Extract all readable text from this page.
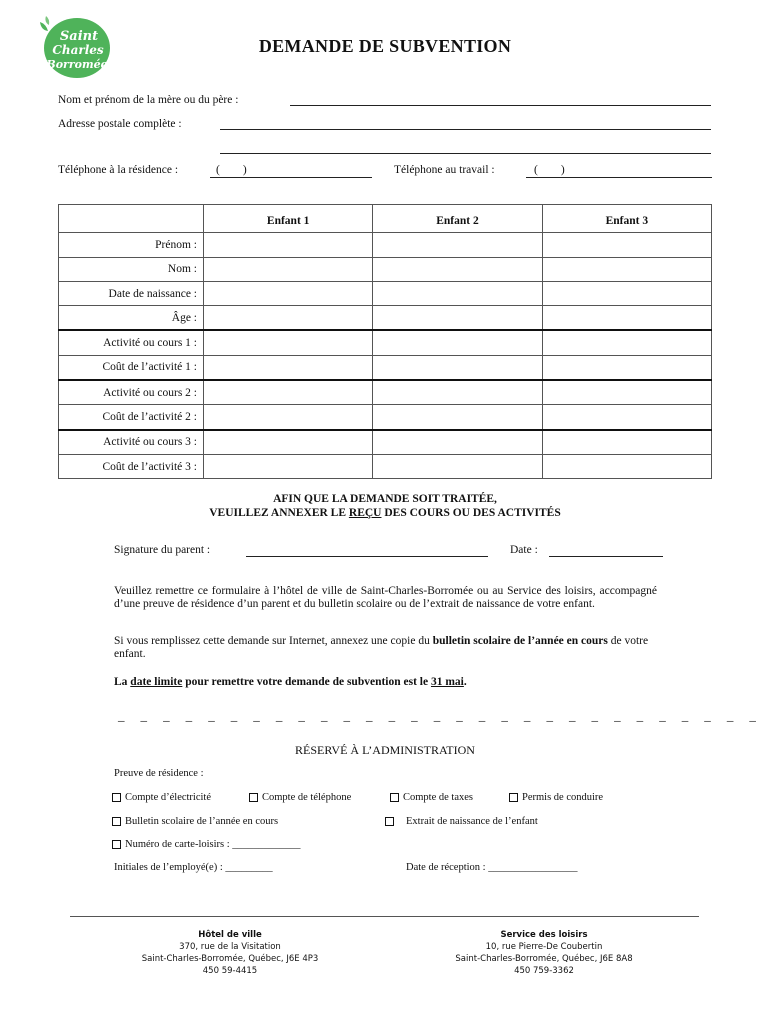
Saint
Charles
Borromée
DEMANDE DE SUBVENTION
Nom et prénom de la mère ou du père :
Adresse postale complète :
Téléphone à la résidence :	(        )	Téléphone au travail :	(        )
	Enfant 1	Enfant 2	Enfant 3
Prénom :			
Nom :			
Date de naissance :			
Âge :			
Activité ou cours 1 :			
Coût de l’activité 1 :			
Activité ou cours 2 :			
Coût de l’activité 2 :			
Activité ou cours 3 :			
Coût de l’activité 3 :			
AFIN QUE LA DEMANDE SOIT TRAITÉE,
VEUILLEZ ANNEXER LE REÇU DES COURS OU DES ACTIVITÉS
Signature du parent :	Date :
Veuillez remettre ce formulaire à l’hôtel de ville de Saint-Charles-Borromée ou au Service des loisirs, accompagné d’une preuve de résidence d’un parent et du bulletin scolaire ou de l’extrait de naissance de votre enfant.
Si vous remplissez cette demande sur Internet, annexez une copie du bulletin scolaire de l’année en cours de votre enfant.
La date limite pour remettre votre demande de subvention est le 31 mai.
_ _ _ _ _ _ _ _ _ _ _ _ _ _ _ _ _ _ _ _ _ _ _ _ _ _ _ _ _
RÉSERVÉ À L’ADMINISTRATION
Preuve de résidence :
Compte d’électricité	Compte de téléphone	Compte de taxes	Permis de conduire
Bulletin scolaire de l’année en cours	Extrait de naissance de l’enfant
Numéro de carte-loisirs : _____________
Initiales de l’employé(e) : _________	Date de réception : _________________
Hôtel de ville
370, rue de la Visitation
Saint-Charles-Borromée, Québec, J6E 4P3
450 59-4415
Service des loisirs
10, rue Pierre-De Coubertin
Saint-Charles-Borromée, Québec, J6E 8A8
450 759-3362
